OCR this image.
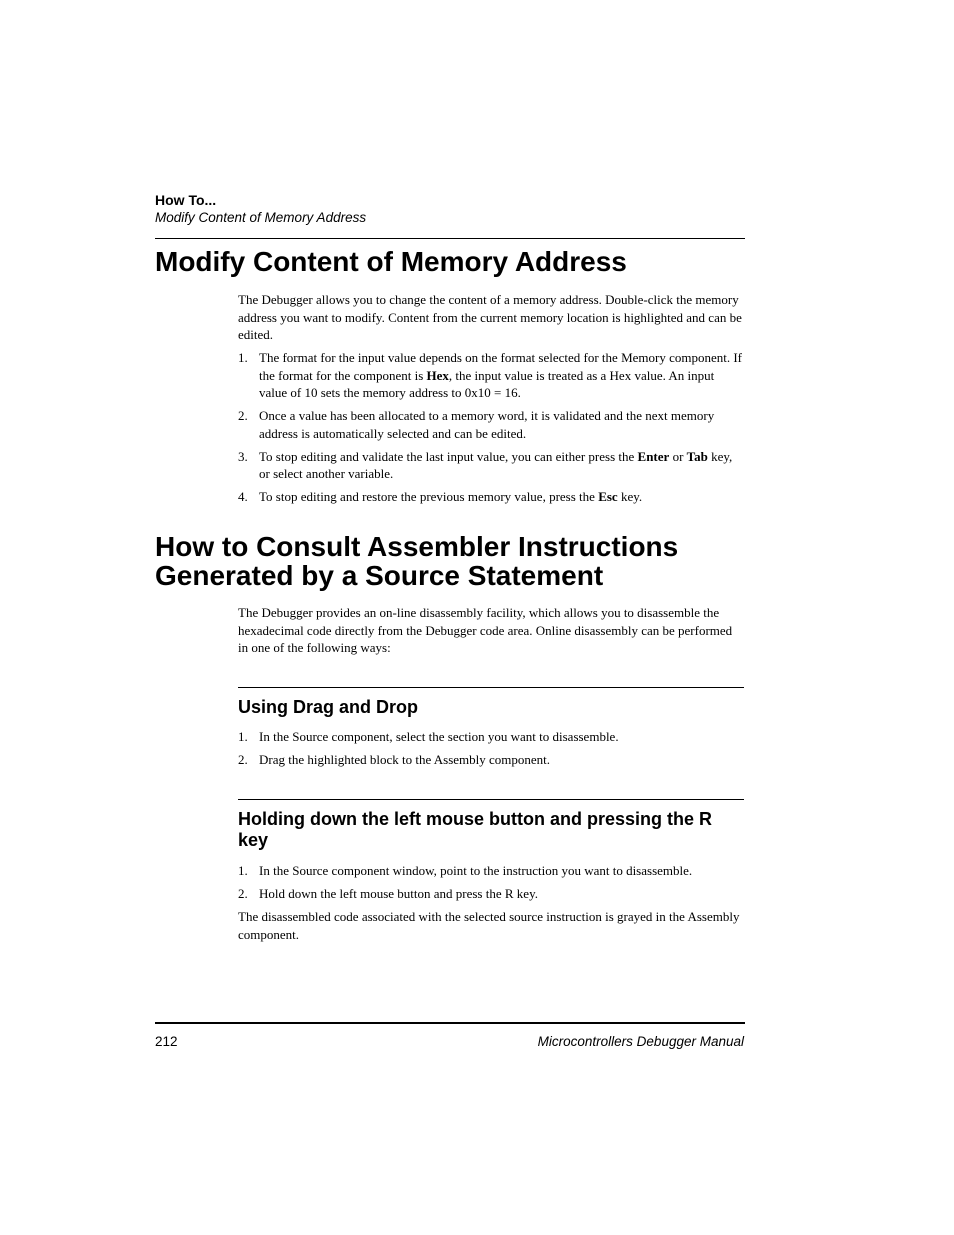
How To...
Modify Content of Memory Address
Modify Content of Memory Address

The Debugger allows you to change the content of a memory address. Double-click the memory address you want to modify. Content from the current memory location is highlighted and can be edited.

1. The format for the input value depends on the format selected for the Memory component. If the format for the component is Hex, the input value is treated as a Hex value. An input value of 10 sets the memory address to 0x10 = 16.
2. Once a value has been allocated to a memory word, it is validated and the next memory address is automatically selected and can be edited.
3. To stop editing and validate the last input value, you can either press the Enter or Tab key, or select another variable.
4. To stop editing and restore the previous memory value, press the Esc key.
How to Consult Assembler Instructions
Generated by a Source Statement

The Debugger provides an on-line disassembly facility, which allows you to disassemble the hexadecimal code directly from the Debugger code area. Online disassembly can be performed in one of the following ways:

Using Drag and Drop
1. In the Source component, select the section you want to disassemble.
2. Drag the highlighted block to the Assembly component.
Holding down the left mouse button and pressing the R key
1. In the Source component window, point to the instruction you want to disassemble.
2. Hold down the left mouse button and press the R key.

The disassembled code associated with the selected source instruction is grayed in the Assembly component.

212	Microcontrollers Debugger Manual
